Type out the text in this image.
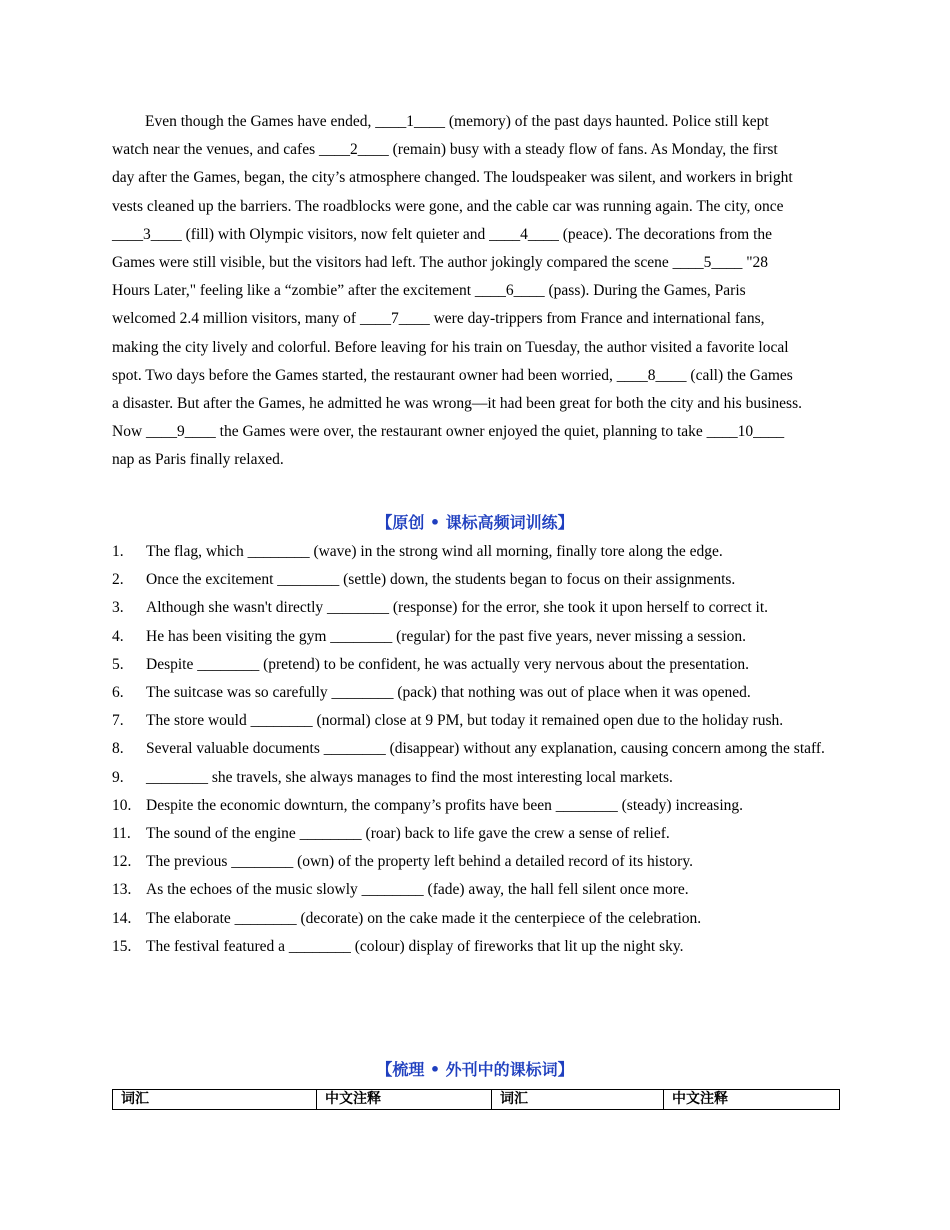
Even though the Games have ended, ____1____ (memory) of the past days haunted. Police still kept
watch near the venues, and cafes ____2____ (remain) busy with a steady flow of fans. As Monday, the first
day after the Games, began, the city’s atmosphere changed. The loudspeaker was silent, and workers in bright
vests cleaned up the barriers. The roadblocks were gone, and the cable car was running again. The city, once
____3____ (fill) with Olympic visitors, now felt quieter and ____4____ (peace). The decorations from the
Games were still visible, but the visitors had left. The author jokingly compared the scene ____5____ "28
Hours Later," feeling like a “zombie” after the excitement ____6____ (pass). During the Games, Paris
welcomed 2.4 million visitors, many of ____7____ were day-trippers from France and international fans,
making the city lively and colorful. Before leaving for his train on Tuesday, the author visited a favorite local
spot. Two days before the Games started, the restaurant owner had been worried, ____8____ (call) the Games
a disaster. But after the Games, he admitted he was wrong—it had been great for both the city and his business.
Now ____9____ the Games were over, the restaurant owner enjoyed the quiet, planning to take ____10____
nap as Paris finally relaxed.
【原创 • 课标高频词训练】
1. The flag, which ________ (wave) in the strong wind all morning, finally tore along the edge.
2. Once the excitement ________ (settle) down, the students began to focus on their assignments.
3. Although she wasn't directly ________ (response) for the error, she took it upon herself to correct it.
4. He has been visiting the gym ________ (regular) for the past five years, never missing a session.
5. Despite ________ (pretend) to be confident, he was actually very nervous about the presentation.
6. The suitcase was so carefully ________ (pack) that nothing was out of place when it was opened.
7. The store would ________ (normal) close at 9 PM, but today it remained open due to the holiday rush.
8. Several valuable documents ________ (disappear) without any explanation, causing concern among the staff.
9. ________ she travels, she always manages to find the most interesting local markets.
10. Despite the economic downturn, the company’s profits have been ________ (steady) increasing.
11. The sound of the engine ________ (roar) back to life gave the crew a sense of relief.
12. The previous ________ (own) of the property left behind a detailed record of its history.
13. As the echoes of the music slowly ________ (fade) away, the hall fell silent once more.
14. The elaborate ________ (decorate) on the cake made it the centerpiece of the celebration.
15. The festival featured a ________ (colour) display of fireworks that lit up the night sky.
【梳理 • 外刊中的课标词】
词汇	中文注释	词汇	中文注释
